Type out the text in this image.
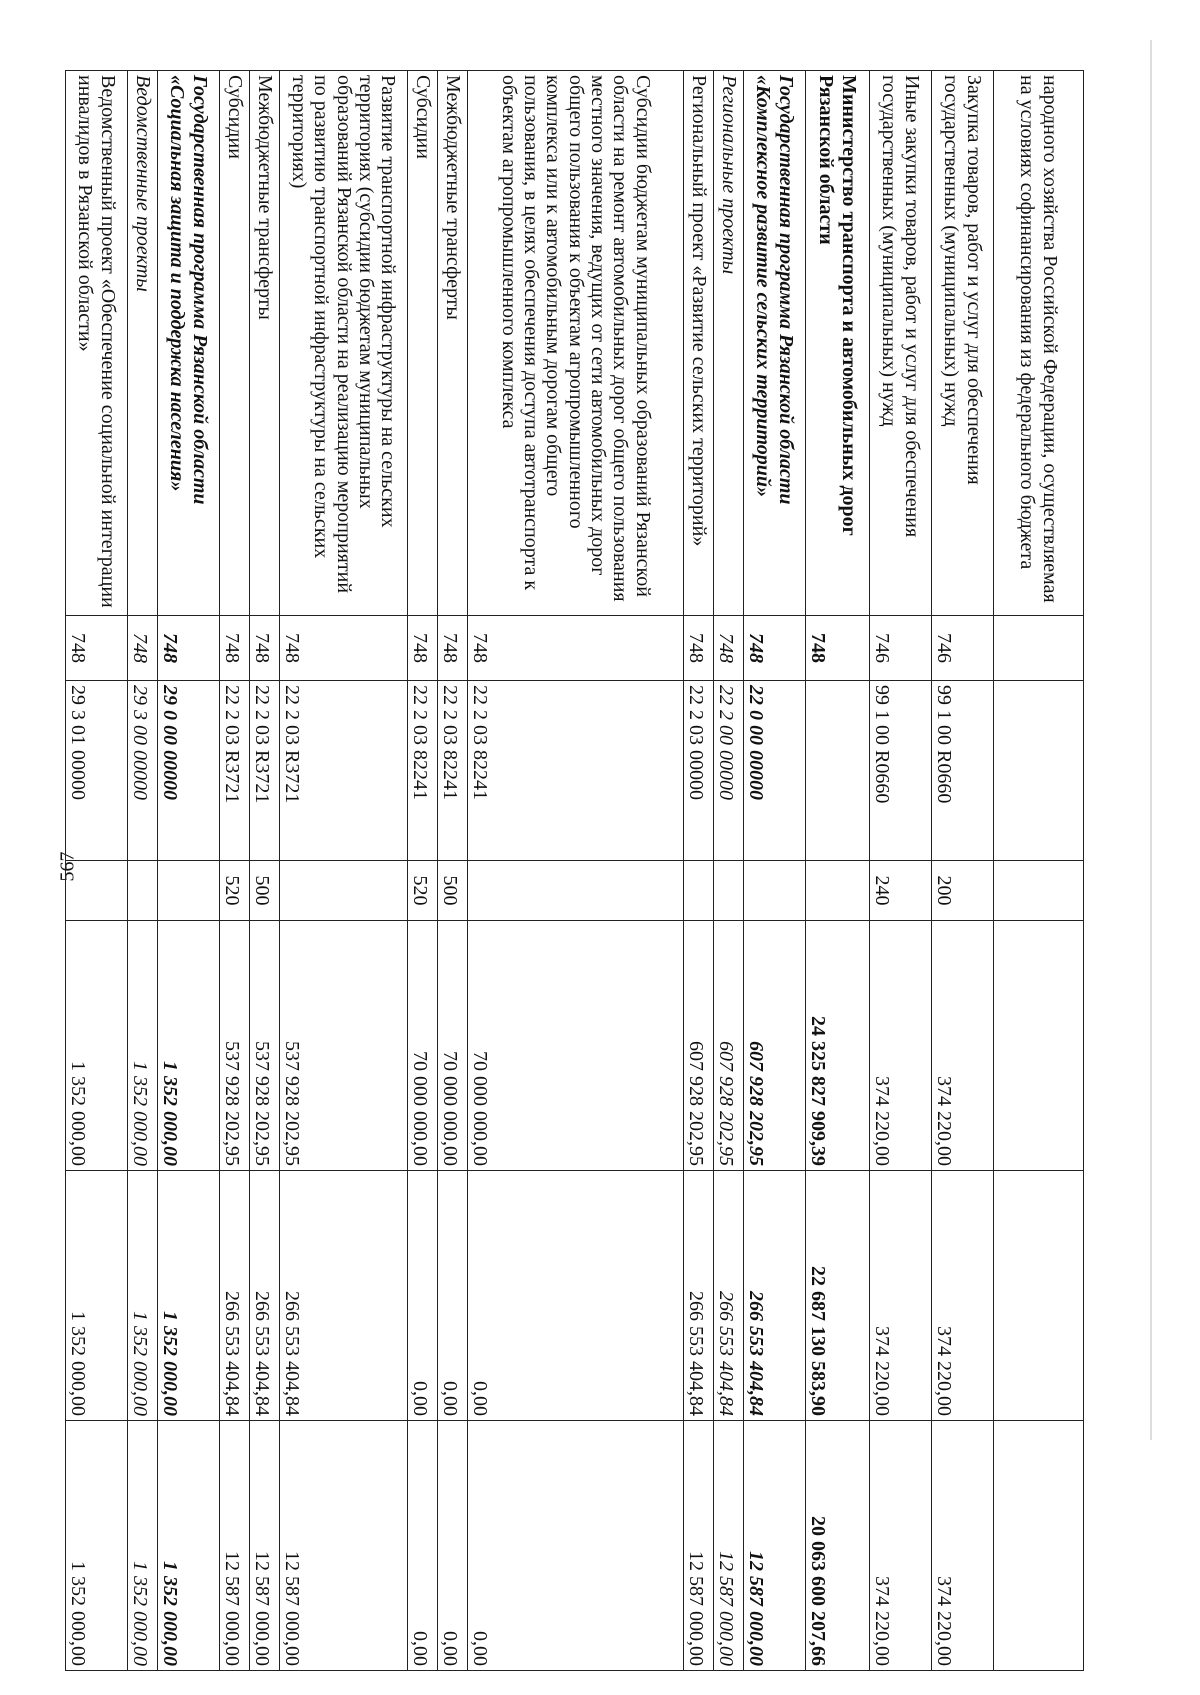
567
народного хозяйства Российской Федерации, осуществляемая на условиях софинансирования из федерального бюджета						
Закупка товаров, работ и услуг для обеспечения государственных (муниципальных) нужд	746	99 1 00 R0660	200	374 220,00	374 220,00	374 220,00
Иные закупки товаров, работ и услуг для обеспечения государственных (муниципальных) нужд	746	99 1 00 R0660	240	374 220,00	374 220,00	374 220,00
Министерство транспорта и автомобильных дорог Рязанской области	748			24 325 827 909,39	22 687 130 583,90	20 063 600 207,66
Государственная программа Рязанской области «Комплексное развитие сельских территорий»	748	22 0 00 00000		607 928 202,95	266 553 404,84	12 587 000,00
Региональные проекты	748	22 2 00 00000		607 928 202,95	266 553 404,84	12 587 000,00
Региональный проект «Развитие сельских территорий»	748	22 2 03 00000		607 928 202,95	266 553 404,84	12 587 000,00
Субсидии бюджетам муниципальных образований Рязанской области на ремонт автомобильных дорог общего пользования местного значения, ведущих от сети автомобильных дорог общего пользования к объектам агропромышленного комплекса или к автомобильным дорогам общего пользования, в целях обеспечения доступа автотранспорта к объектам агропромышленного комплекса	748	22 2 03 82241		70 000 000,00	0,00	0,00
Межбюджетные трансферты	748	22 2 03 82241	500	70 000 000,00	0,00	0,00
Субсидии	748	22 2 03 82241	520	70 000 000,00	0,00	0,00
Развитие транспортной инфраструктуры на сельских территориях (субсидии бюджетам муниципальных образований Рязанской области на реализацию мероприятий по развитию транспортной инфраструктуры на сельских территориях)	748	22 2 03 R3721		537 928 202,95	266 553 404,84	12 587 000,00
Межбюджетные трансферты	748	22 2 03 R3721	500	537 928 202,95	266 553 404,84	12 587 000,00
Субсидии	748	22 2 03 R3721	520	537 928 202,95	266 553 404,84	12 587 000,00
Государственная программа Рязанской области «Социальная защита и поддержка населения»	748	29 0 00 00000		1 352 000,00	1 352 000,00	1 352 000,00
Ведомственные проекты	748	29 3 00 00000		1 352 000,00	1 352 000,00	1 352 000,00
Ведомственный проект «Обеспечение социальной интеграции инвалидов в Рязанской области»	748	29 3 01 00000		1 352 000,00	1 352 000,00	1 352 000,00
